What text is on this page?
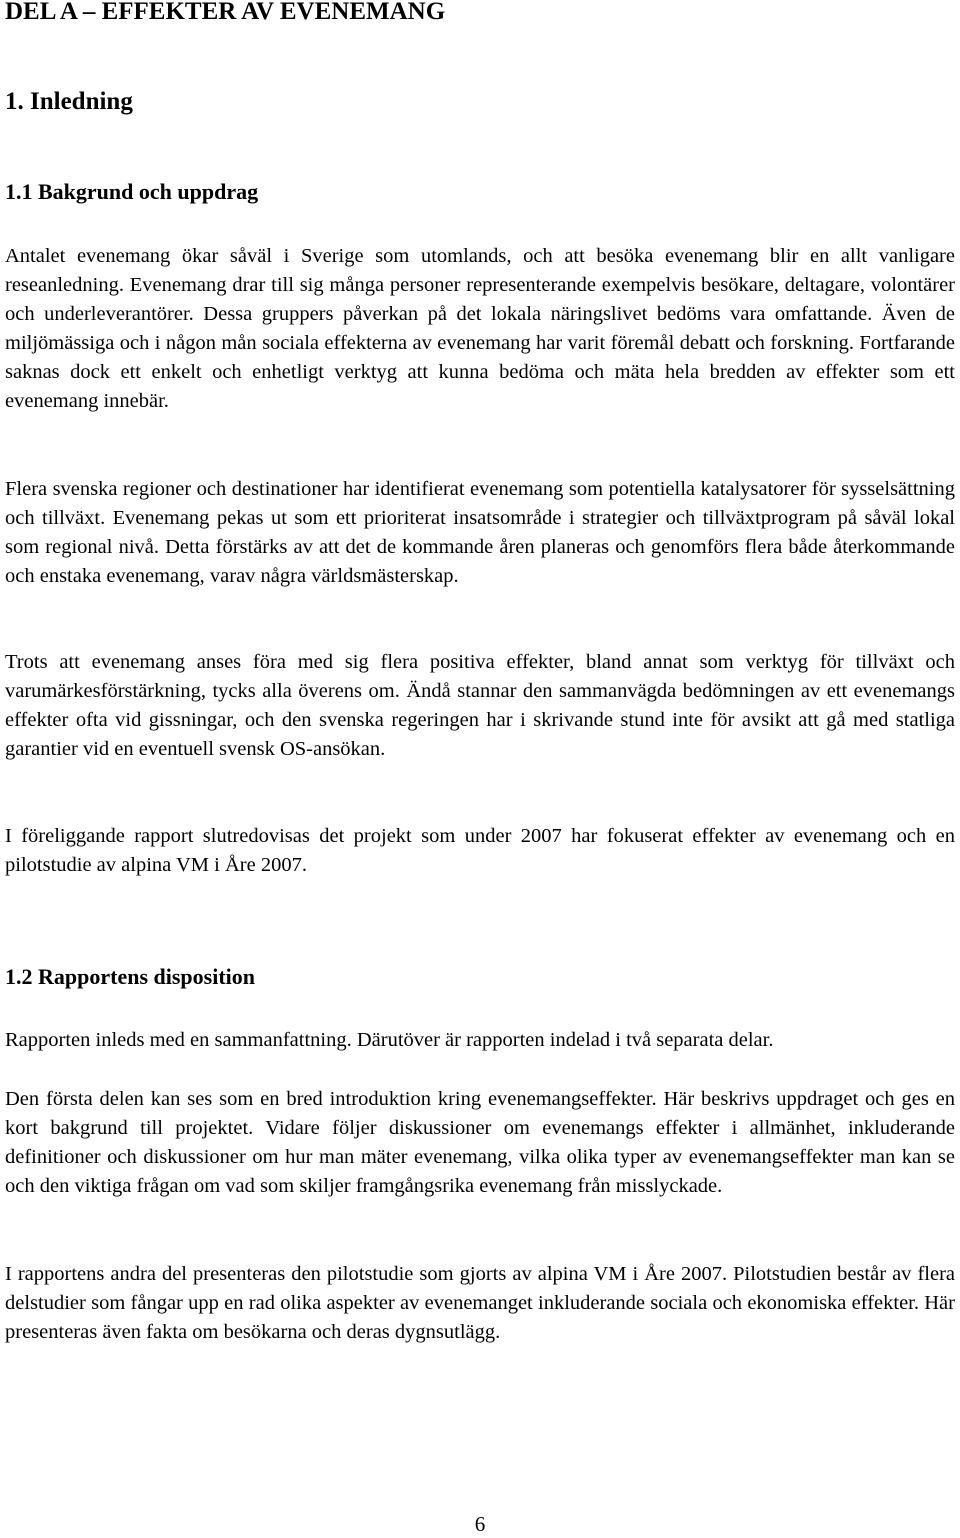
DEL A – EFFEKTER AV EVENEMANG
1. Inledning
1.1 Bakgrund och uppdrag

Antalet evenemang ökar såväl i Sverige som utomlands, och att besöka evenemang blir en allt vanligare reseanledning. Evenemang drar till sig många personer representerande exempelvis besökare, deltagare, volontärer och underleverantörer. Dessa gruppers påverkan på det lokala näringslivet bedöms vara omfattande. Även de miljömässiga och i någon mån sociala effekterna av evenemang har varit föremål debatt och forskning. Fortfarande saknas dock ett enkelt och enhetligt verktyg att kunna bedöma och mäta hela bredden av effekter som ett evenemang innebär.

Flera svenska regioner och destinationer har identifierat evenemang som potentiella katalysatorer för sysselsättning och tillväxt. Evenemang pekas ut som ett prioriterat insatsområde i strategier och tillväxtprogram på såväl lokal som regional nivå. Detta förstärks av att det de kommande åren planeras och genomförs flera både återkommande och enstaka evenemang, varav några världsmästerskap.

Trots att evenemang anses föra med sig flera positiva effekter, bland annat som verktyg för tillväxt och varumärkesförstärkning, tycks alla överens om. Ändå stannar den sammanvägda bedömningen av ett evenemangs effekter ofta vid gissningar, och den svenska regeringen har i skrivande stund inte för avsikt att gå med statliga garantier vid en eventuell svensk OS-ansökan.

I föreliggande rapport slutredovisas det projekt som under 2007 har fokuserat effekter av evenemang och en pilotstudie av alpina VM i Åre 2007.

1.2 Rapportens disposition

Rapporten inleds med en sammanfattning. Därutöver är rapporten indelad i två separata delar.

Den första delen kan ses som en bred introduktion kring evenemangseffekter. Här beskrivs uppdraget och ges en kort bakgrund till projektet. Vidare följer diskussioner om evenemangs effekter i allmänhet, inkluderande definitioner och diskussioner om hur man mäter evenemang, vilka olika typer av evenemangseffekter man kan se och den viktiga frågan om vad som skiljer framgångsrika evenemang från misslyckade.

I rapportens andra del presenteras den pilotstudie som gjorts av alpina VM i Åre 2007. Pilotstudien består av flera delstudier som fångar upp en rad olika aspekter av evenemanget inkluderande sociala och ekonomiska effekter. Här presenteras även fakta om besökarna och deras dygnsutlägg.

6
